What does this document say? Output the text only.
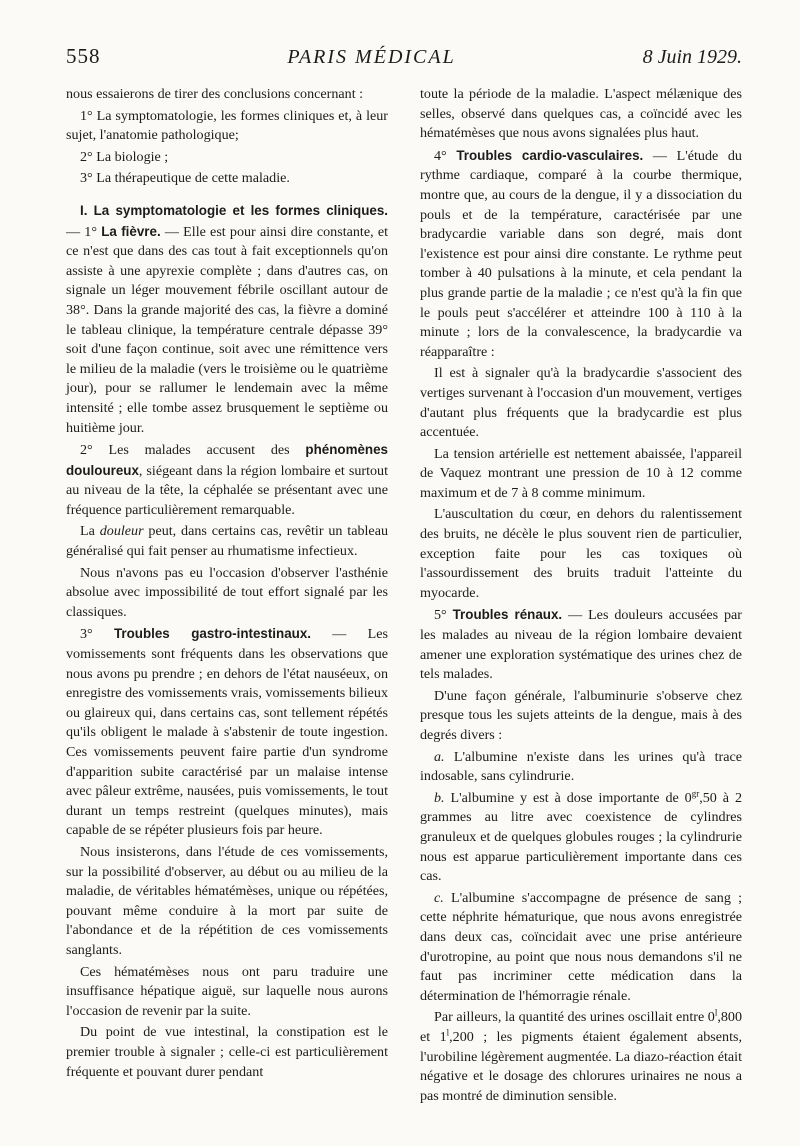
558	PARIS MÉDICAL	8 Juin 1929.

nous essaierons de tirer des conclusions concernant :

1° La symptomatologie, les formes cliniques et, à leur sujet, l'anatomie pathologique;

2° La biologie ;

3° La thérapeutique de cette maladie.

I. La symptomatologie et les formes cliniques. — 1° La fièvre. — Elle est pour ainsi dire constante, et ce n'est que dans des cas tout à fait exceptionnels qu'on assiste à une apyrexie complète ; dans d'autres cas, on signale un léger mouvement fébrile oscillant autour de 38°. Dans la grande majorité des cas, la fièvre a dominé le tableau clinique, la température centrale dépasse 39° soit d'une façon continue, soit avec une rémittence vers le milieu de la maladie (vers le troisième ou le quatrième jour), pour se rallumer le lendemain avec la même intensité ; elle tombe assez brusquement le septième ou huitième jour.

2° Les malades accusent des phénomènes douloureux, siégeant dans la région lombaire et surtout au niveau de la tête, la céphalée se présentant avec une fréquence particulièrement remarquable.

La douleur peut, dans certains cas, revêtir un tableau généralisé qui fait penser au rhumatisme infectieux.

Nous n'avons pas eu l'occasion d'observer l'asthénie absolue avec impossibilité de tout effort signalé par les classiques.

3° Troubles gastro-intestinaux. — Les vomissements sont fréquents dans les observations que nous avons pu prendre ; en dehors de l'état nauséeux, on enregistre des vomissements vrais, vomissements bilieux ou glaireux qui, dans certains cas, sont tellement répétés qu'ils obligent le malade à s'abstenir de toute ingestion. Ces vomissements peuvent faire partie d'un syndrome d'apparition subite caractérisé par un malaise intense avec pâleur extrême, nausées, puis vomissements, le tout durant un temps restreint (quelques minutes), mais capable de se répéter plusieurs fois par heure.

Nous insisterons, dans l'étude de ces vomissements, sur la possibilité d'observer, au début ou au milieu de la maladie, de véritables hématémèses, unique ou répétées, pouvant même conduire à la mort par suite de l'abondance et de la répétition de ces vomissements sanglants.

Ces hématémèses nous ont paru traduire une insuffisance hépatique aiguë, sur laquelle nous aurons l'occasion de revenir par la suite.

Du point de vue intestinal, la constipation est le premier trouble à signaler ; celle-ci est particulièrement fréquente et pouvant durer pendant

toute la période de la maladie. L'aspect mélænique des selles, observé dans quelques cas, a coïncidé avec les hématémèses que nous avons signalées plus haut.

4° Troubles cardio-vasculaires. — L'étude du rythme cardiaque, comparé à la courbe thermique, montre que, au cours de la dengue, il y a dissociation du pouls et de la température, caractérisée par une bradycardie variable dans son degré, mais dont l'existence est pour ainsi dire constante. Le rythme peut tomber à 40 pulsations à la minute, et cela pendant la plus grande partie de la maladie ; ce n'est qu'à la fin que le pouls peut s'accélérer et atteindre 100 à 110 à la minute ; lors de la convalescence, la bradycardie va réapparaître :

Il est à signaler qu'à la bradycardie s'associent des vertiges survenant à l'occasion d'un mouvement, vertiges d'autant plus fréquents que la bradycardie est plus accentuée.

La tension artérielle est nettement abaissée, l'appareil de Vaquez montrant une pression de 10 à 12 comme maximum et de 7 à 8 comme minimum.

L'auscultation du cœur, en dehors du ralentissement des bruits, ne décèle le plus souvent rien de particulier, exception faite pour les cas toxiques où l'assourdissement des bruits traduit l'atteinte du myocarde.

5° Troubles rénaux. — Les douleurs accusées par les malades au niveau de la région lombaire devaient amener une exploration systématique des urines chez de tels malades.

D'une façon générale, l'albuminurie s'observe chez presque tous les sujets atteints de la dengue, mais à des degrés divers :

a. L'albumine n'existe dans les urines qu'à trace indosable, sans cylindrurie.

b. L'albumine y est à dose importante de $0^{gr},50$ à 2 grammes au litre avec coexistence de cylindres granuleux et de quelques globules rouges ; la cylindrurie nous est apparue particulièrement importante dans ces cas.

c. L'albumine s'accompagne de présence de sang ; cette néphrite hématurique, que nous avons enregistrée dans deux cas, coïncidait avec une prise antérieure d'urotropine, au point que nous nous demandons s'il ne faut pas incriminer cette médication dans la détermination de l'hémorragie rénale.

Par ailleurs, la quantité des urines oscillait entre 0$^l$,800 et 1$^l$,200 ; les pigments étaient également absents, l'urobiline légèrement augmentée. La diazo-réaction était négative et le dosage des chlorures urinaires ne nous a pas montré de diminution sensible.
